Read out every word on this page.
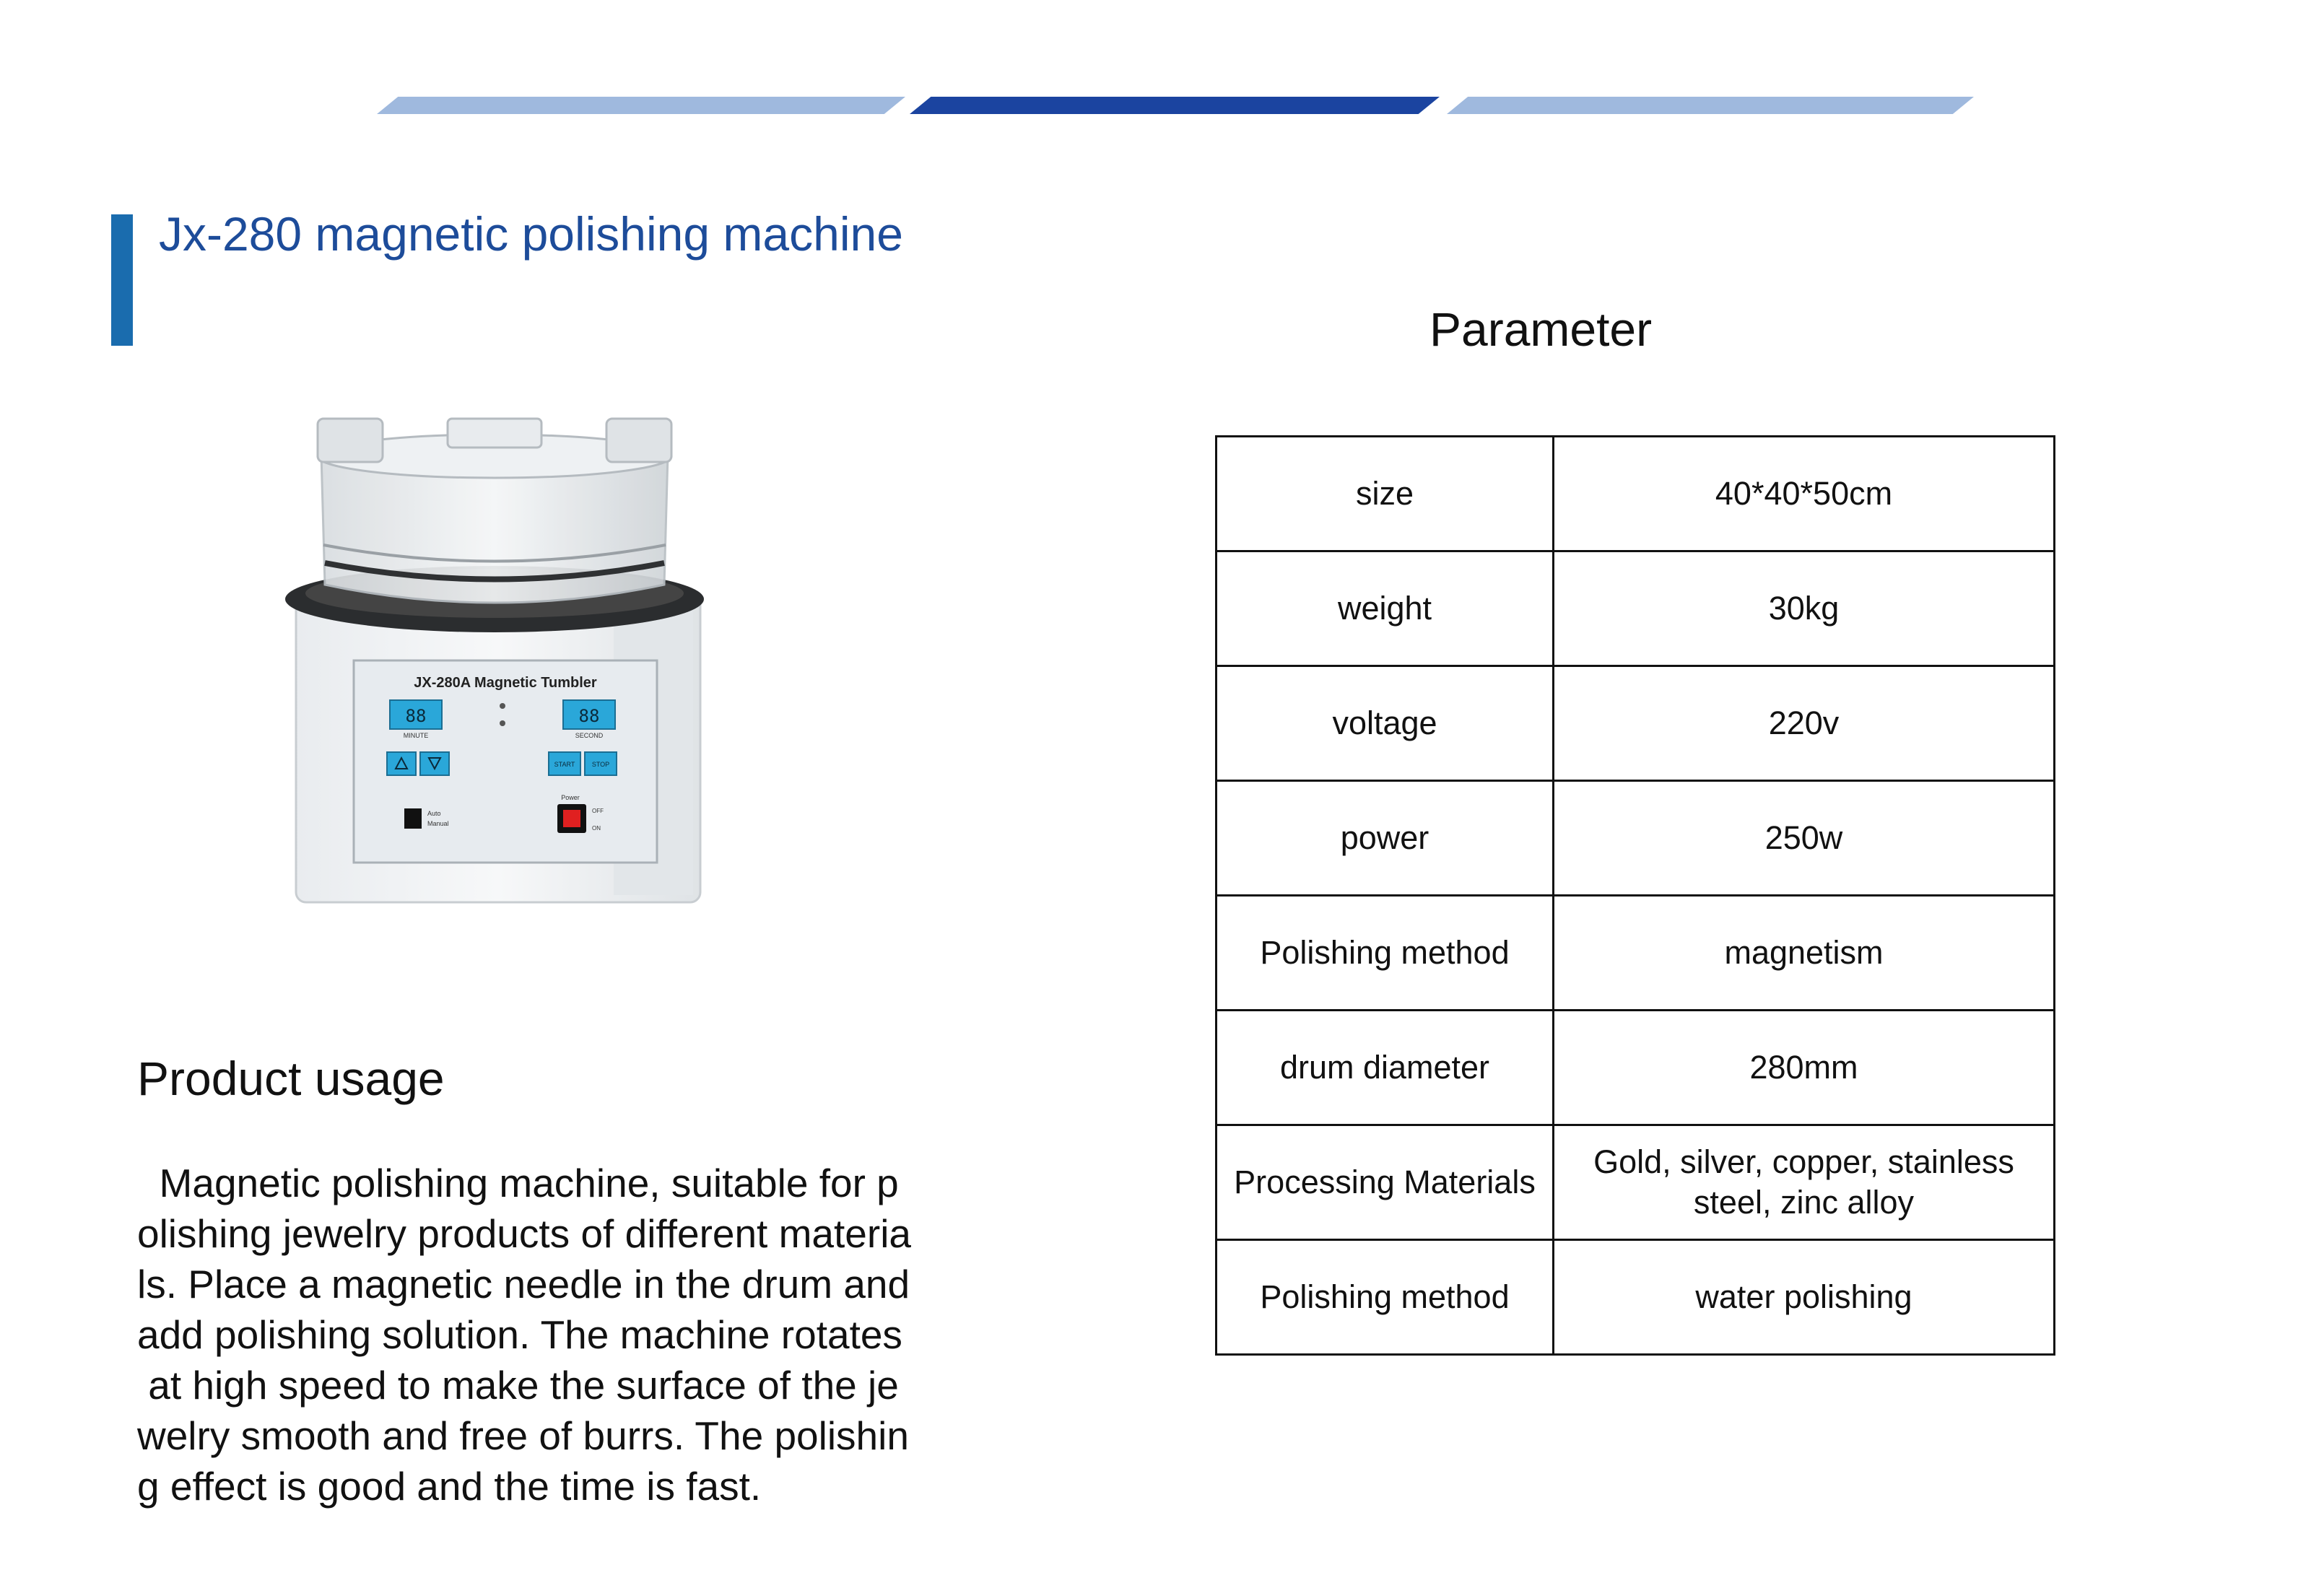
Jx-280 magnetic polishing machine
Parameter
JX-280A Magnetic Tumbler
88
MINUTE
88
SECOND
START	STOP
Auto
Manual
Power
OFF
ON
Product usage
Magnetic polishing machine, suitable for p
olishing jewelry products of different materia
ls. Place a magnetic needle in the drum and
add polishing solution. The machine rotates
at high speed to make the surface of the je
welry smooth and free of burrs. The polishin
g effect is good and the time is fast.
size	40*40*50cm
weight	30kg
voltage	220v
power	250w
Polishing method	magnetism
drum diameter	280mm
Processing Materials	Gold, silver, copper, stainless steel, zinc alloy
Polishing method	water polishing
